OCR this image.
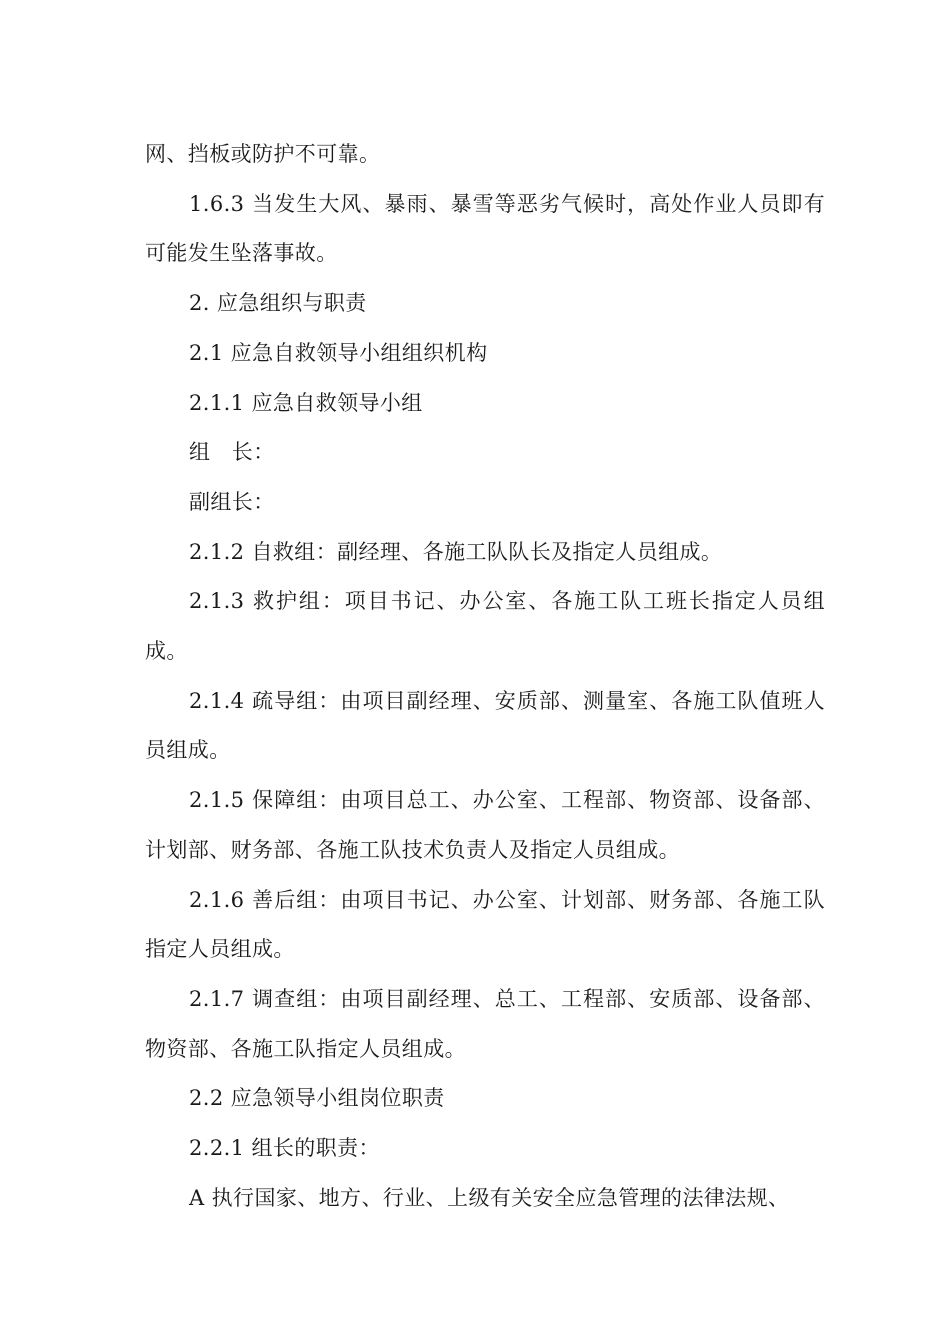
网、挡板或防护不可靠。

1.6.3 当发生大风、暴雨、暴雪等恶劣气候时，高处作业人员即有可能发生坠落事故。

2. 应急组织与职责

2.1 应急自救领导小组组织机构

2.1.1 应急自救领导小组

组　长：

副组长：

2.1.2 自救组：副经理、各施工队队长及指定人员组成。

2.1.3 救护组：项目书记、办公室、各施工队工班长指定人员组成。

2.1.4 疏导组：由项目副经理、安质部、测量室、各施工队值班人员组成。

2.1.5 保障组：由项目总工、办公室、工程部、物资部、设备部、计划部、财务部、各施工队技术负责人及指定人员组成。

2.1.6 善后组：由项目书记、办公室、计划部、财务部、各施工队指定人员组成。

2.1.7 调查组：由项目副经理、总工、工程部、安质部、设备部、物资部、各施工队指定人员组成。

2.2 应急领导小组岗位职责

2.2.1 组长的职责：

A 执行国家、地方、行业、上级有关安全应急管理的法律法规、
